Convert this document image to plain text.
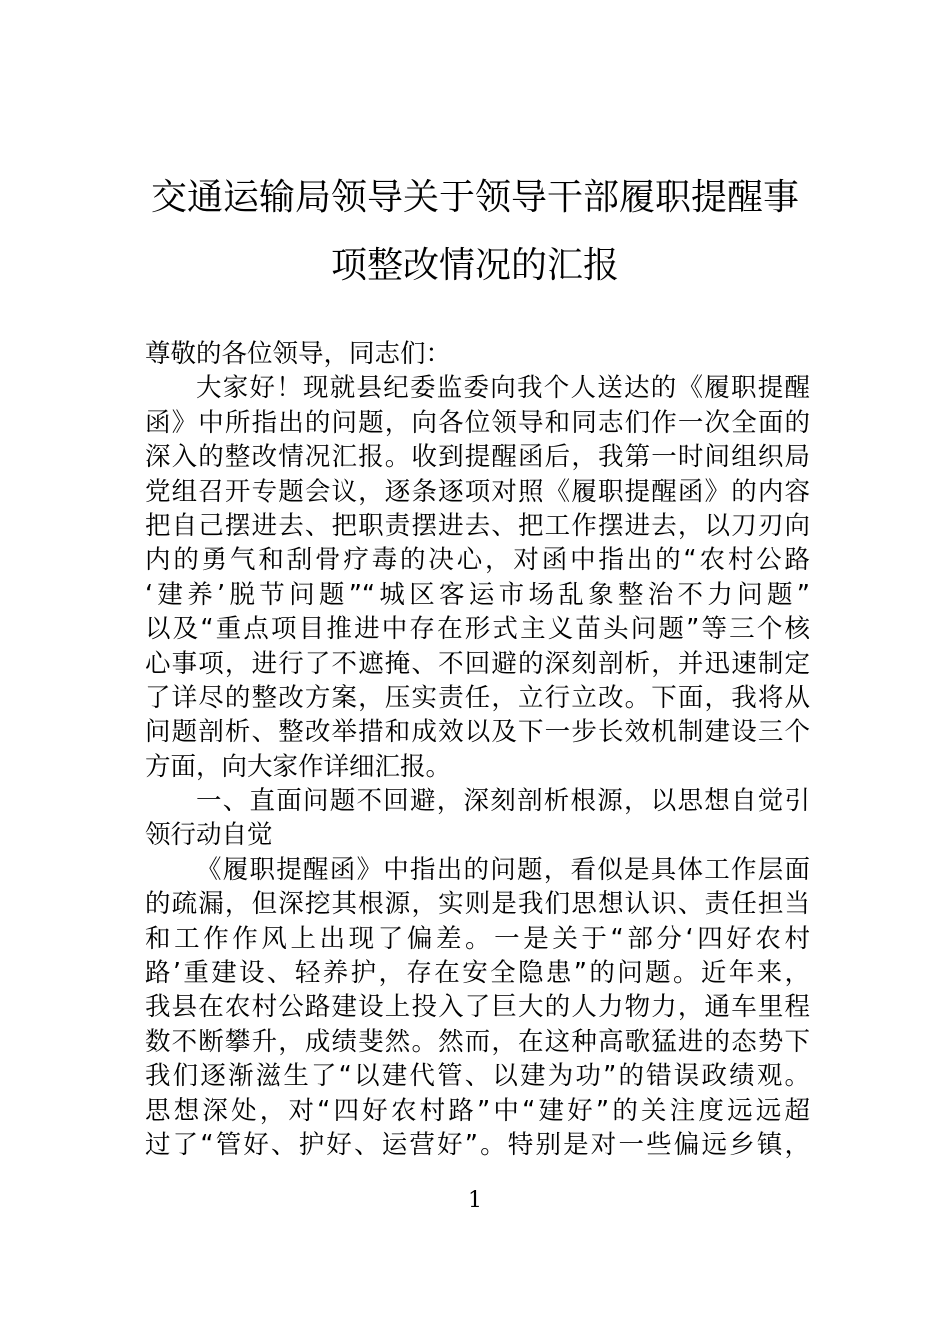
交通运输局领导关于领导干部履职提醒事
项整改情况的汇报
尊敬的各位领导，同志们：
大家好！现就县纪委监委向我个人送达的《履职提醒
函》中所指出的问题，向各位领导和同志们作一次全面的
深入的整改情况汇报。收到提醒函后，我第一时间组织局
党组召开专题会议，逐条逐项对照《履职提醒函》的内容
把自己摆进去、把职责摆进去、把工作摆进去，以刀刃向
内的勇气和刮骨疗毒的决心，对函中指出的“农村公路
‘建养’脱节问题”“城区客运市场乱象整治不力问题”
以及“重点项目推进中存在形式主义苗头问题”等三个核
心事项，进行了不遮掩、不回避的深刻剖析，并迅速制定
了详尽的整改方案，压实责任，立行立改。下面，我将从
问题剖析、整改举措和成效以及下一步长效机制建设三个
方面，向大家作详细汇报。
一、直面问题不回避，深刻剖析根源，以思想自觉引
领行动自觉
《履职提醒函》中指出的问题，看似是具体工作层面
的疏漏，但深挖其根源，实则是我们思想认识、责任担当
和工作作风上出现了偏差。一是关于“部分‘四好农村
路’重建设、轻养护，存在安全隐患”的问题。近年来，
我县在农村公路建设上投入了巨大的人力物力，通车里程
数不断攀升，成绩斐然。然而，在这种高歌猛进的态势下
我们逐渐滋生了“以建代管、以建为功”的错误政绩观。
思想深处，对“四好农村路”中“建好”的关注度远远超
过了“管好、护好、运营好”。特别是对一些偏远乡镇，
1
